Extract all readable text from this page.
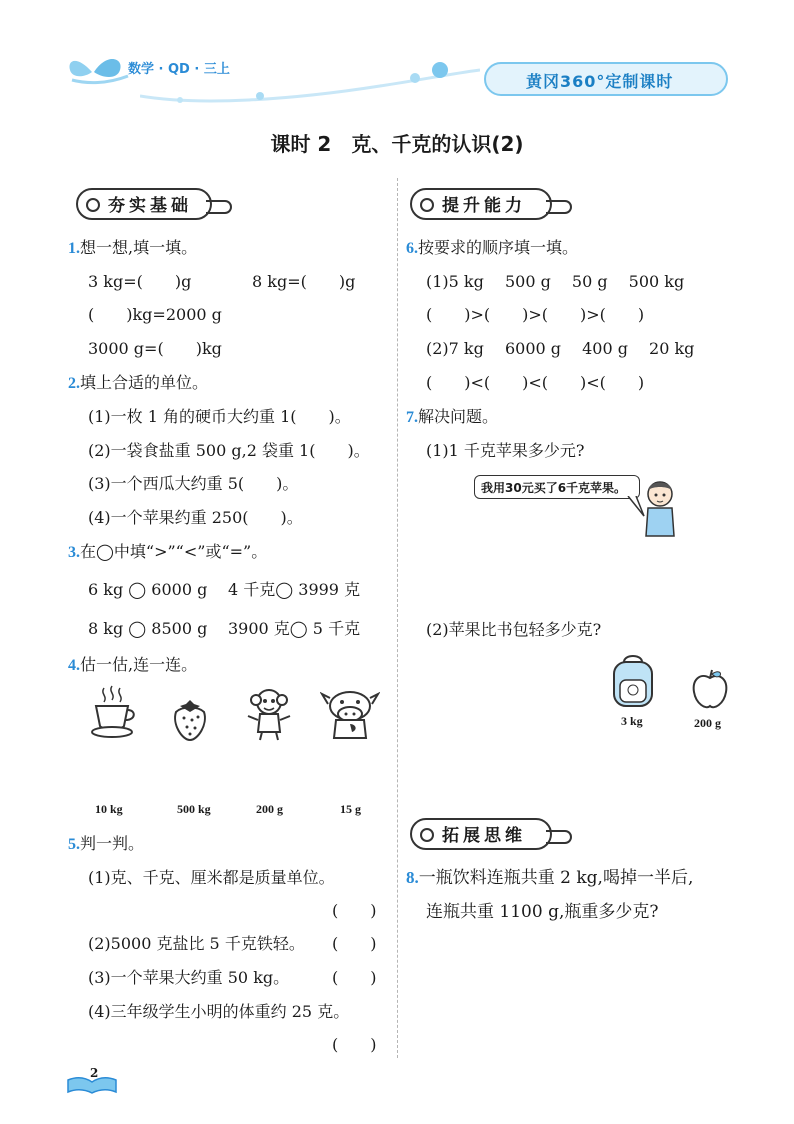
数学 · QD · 三上
黄冈360°定制课时
课时 2　克、千克的认识(2)
夯实基础
1.想一想,填一填。
3 kg=(　　)g	8 kg=(　　)g
(　　)kg=2000 g
3000 g=(　　)kg
2.填上合适的单位。
(1)一枚 1 角的硬币大约重 1(　　)。
(2)一袋食盐重 500 g,2 袋重 1(　　)。
(3)一个西瓜大约重 5(　　)。
(4)一个苹果约重 250(　　)。
3.在◯中填“>”“<”或“=”。
6 kg ◯ 6000 g 4 千克◯ 3999 克
8 kg ◯ 8500 g 3900 克◯ 5 千克
4.估一估,连一连。
10 kg	500 kg	200 g	15 g
5.判一判。
(1)克、千克、厘米都是质量单位。
(　　)
(2)5000 克盐比 5 千克铁轻。 (　　)
(3)一个苹果大约重 50 kg。	(　　)
(4)三年级学生小明的体重约 25 克。
(　　)
提升能力
6.按要求的顺序填一填。
(1)5 kg　 500 g　 50 g　 500 kg
(　　)>(　　)>(　　)>(　　)
(2)7 kg　 6000 g　 400 g　 20 kg
(　　)<(　　)<(　　)<(　　)
7.解决问题。
(1)1 千克苹果多少元?
我用30元买了6千克苹果。
(2)苹果比书包轻多少克?
3 kg	200 g
拓展思维
8.一瓶饮料连瓶共重 2 kg,喝掉一半后,
连瓶共重 1100 g,瓶重多少克?
2
